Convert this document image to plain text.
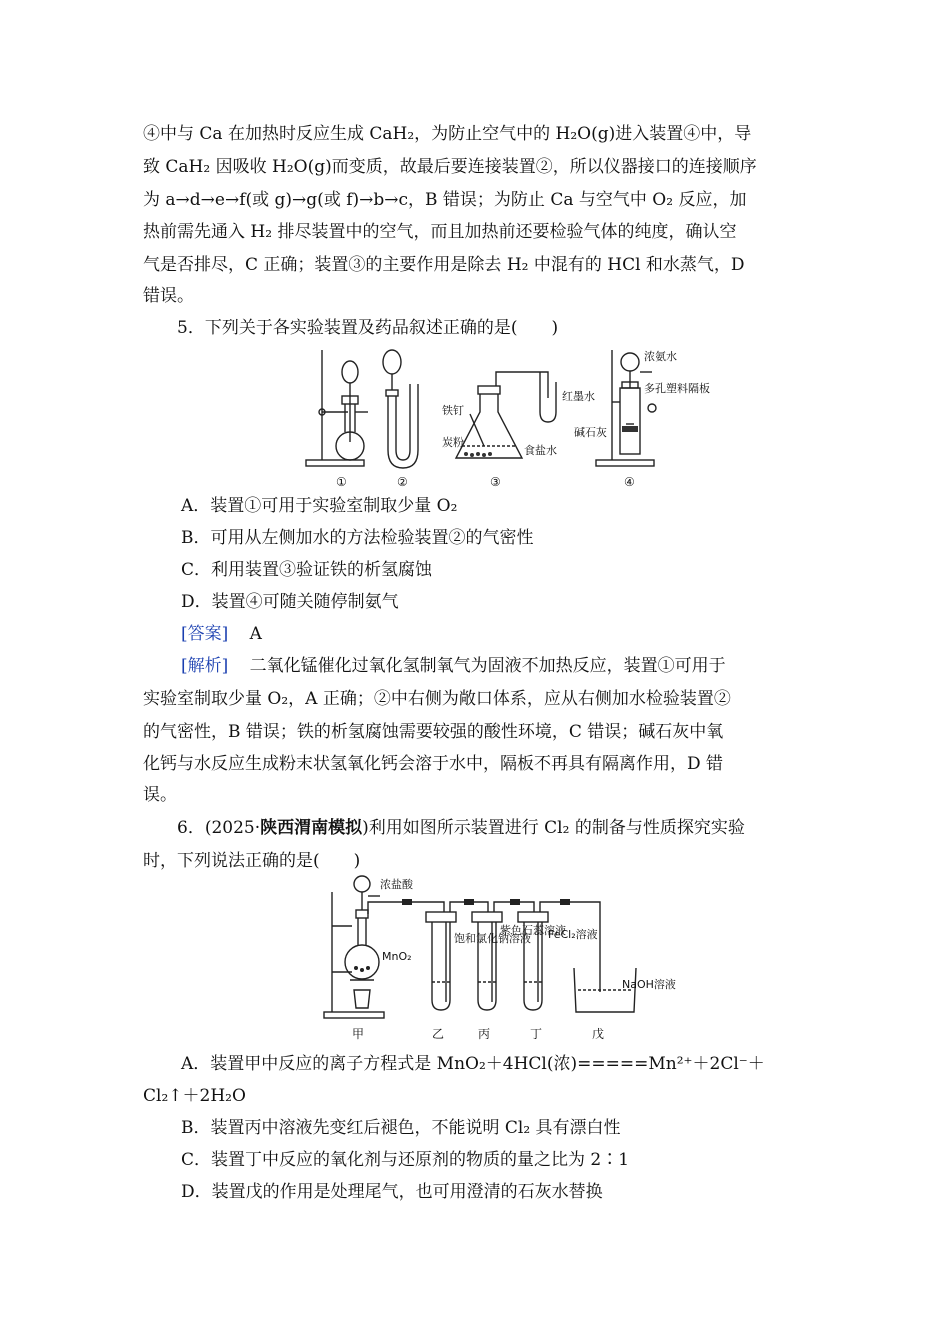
④中与 Ca 在加热时反应生成 CaH₂，为防止空气中的 H₂O(g)进入装置④中，导
致 CaH₂ 因吸收 H₂O(g)而变质，故最后要连接装置②，所以仪器接口的连接顺序
为 a→d→e→f(或 g)→g(或 f)→b→c，B 错误；为防止 Ca 与空气中 O₂ 反应，加
热前需先通入 H₂ 排尽装置中的空气，而且加热前还要检验气体的纯度，确认空
气是否排尽，C 正确；装置③的主要作用是除去 H₂ 中混有的 HCl 和水蒸气，D
错误。
5．下列关于各实验装置及药品叙述正确的是(　　)
①	②	③	④
铁钉
炭粉
食盐水
红墨水
浓氨水
碱石灰
多孔塑料隔板
A．装置①可用于实验室制取少量 O₂
B．可用从左侧加水的方法检验装置②的气密性
C．利用装置③验证铁的析氢腐蚀
D．装置④可随关随停制氨气
[答案] A
[解析] 二氧化锰催化过氧化氢制氧气为固液不加热反应，装置①可用于
实验室制取少量 O₂，A 正确；②中右侧为敞口体系，应从右侧加水检验装置②
的气密性，B 错误；铁的析氢腐蚀需要较强的酸性环境，C 错误；碱石灰中氧
化钙与水反应生成粉末状氢氧化钙会溶于水中，隔板不再具有隔离作用，D 错
误。
6．(2025·陕西渭南模拟)利用如图所示装置进行 Cl₂ 的制备与性质探究实验
时，下列说法正确的是(　　)
浓盐酸
MnO₂
饱和氯化钠溶液
紫色石蕊溶液
FeCl₂溶液
NaOH溶液
甲	乙	丙	丁	戊
A．装置甲中反应的离子方程式是 MnO₂＋4HCl(浓)=====Mn²⁺＋2Cl⁻＋
Cl₂↑＋2H₂O
B．装置丙中溶液先变红后褪色，不能说明 Cl₂ 具有漂白性
C．装置丁中反应的氧化剂与还原剂的物质的量之比为 2∶1
D．装置戊的作用是处理尾气，也可用澄清的石灰水替换
